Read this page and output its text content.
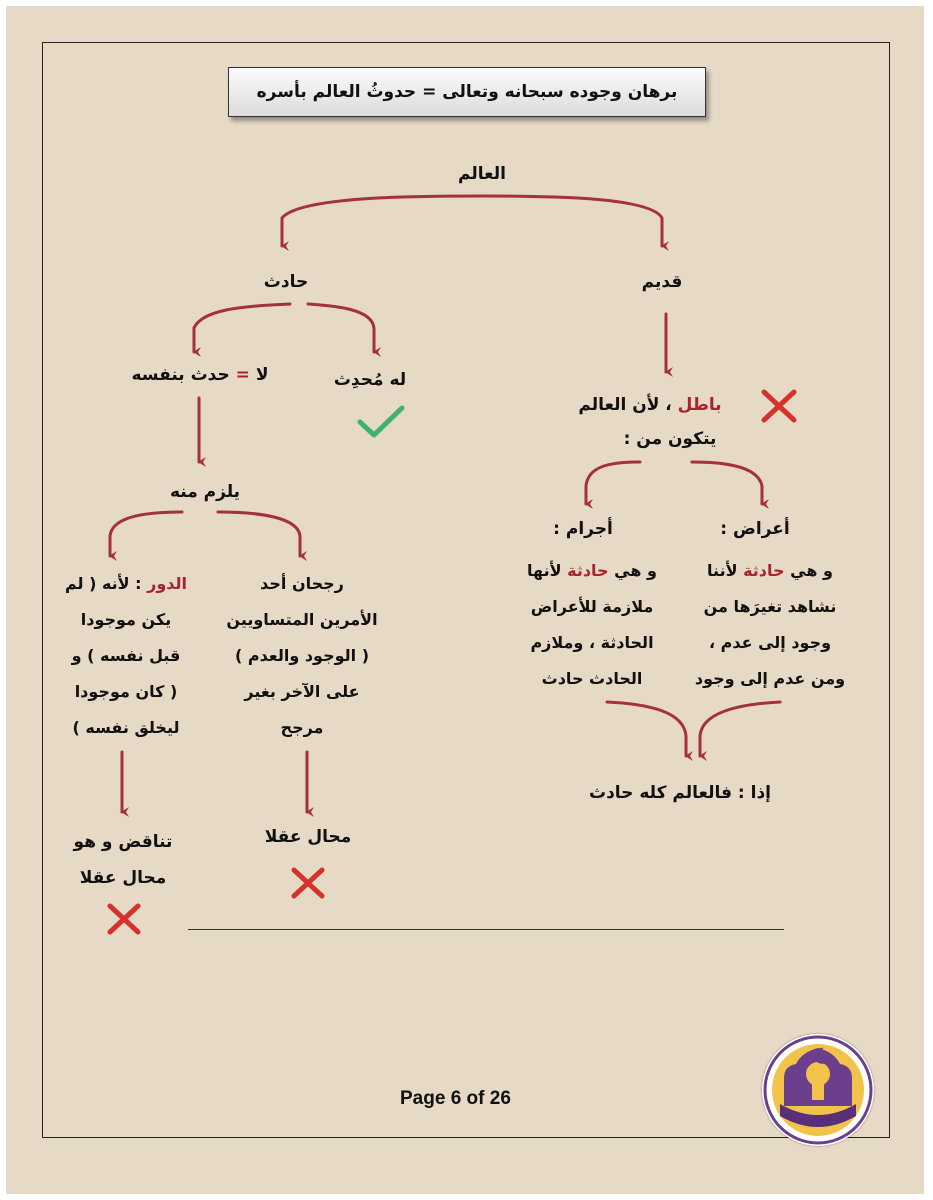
برهان وجوده سبحانه وتعالى = حدوثُ العالم بأسره
العالم
قديم
حادث
له مُحدِث
لا = حدث بنفسه
يلزم منه
باطل ، لأن العالم
يتكون من :
أعراض :
أجرام :
و هي حادثة لأننا
نشاهد تغيرَها من
وجود إلى عدم ،
ومن عدم إلى وجود
و هي حادثة لأنها
ملازمة للأعراض
الحادثة ، وملازم
الحادث حادث
إذا : فالعالم كله حادث
رجحان أحد
الأمرين المتساويين
( الوجود والعدم )
على الآخر بغير
مرجح
الدور : لأنه ( لم
يكن موجودا
قبل نفسه ) و
( كان موجودا
ليخلق نفسه )
محال عقلا
تناقض و هو
محال عقلا
Page 6 of 26
